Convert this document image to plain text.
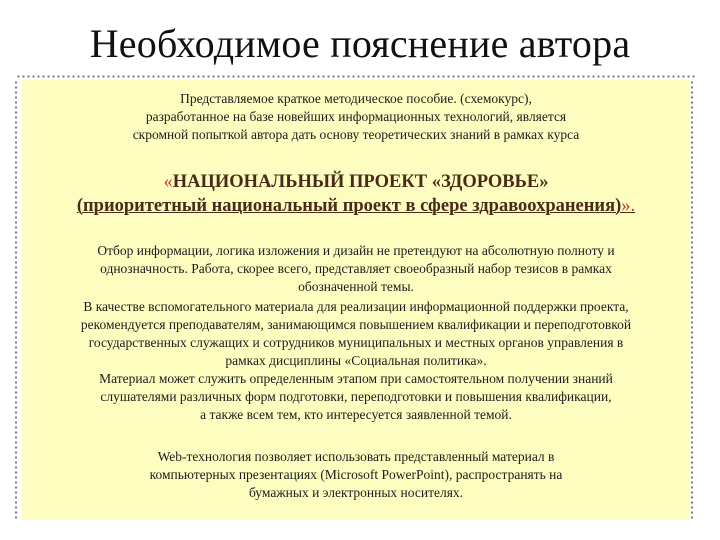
Необходимое пояснение автора
Представляемое краткое методическое пособие. (схемокурс),
разработанное на базе новейших информационных технологий, является
скромной попыткой автора дать основу теоретических знаний в рамках курса
«НАЦИОНАЛЬНЫЙ ПРОЕКТ «ЗДОРОВЬЕ»
(приоритетный национальный проект в сфере здравоохранения)».
Отбор информации, логика изложения и дизайн не претендуют на абсолютную полноту и
однозначность. Работа, скорее всего, представляет своеобразный набор тезисов в рамках
обозначенной темы.
В качестве вспомогательного материала для реализации информационной поддержки проекта,
рекомендуется преподавателям, занимающимся повышением квалификации и переподготовкой
государственных служащих и сотрудников муниципальных и местных органов управления в
рамках дисциплины «Социальная политика».
Материал может служить определенным этапом при самостоятельном получении знаний
слушателями различных форм подготовки, переподготовки и повышения квалификации,
а также всем тем, кто интересуется заявленной темой.
Web-технология позволяет использовать представленный материал в
компьютерных презентациях (Microsoft PowerPoint), распространять на
бумажных и электронных носителях.
